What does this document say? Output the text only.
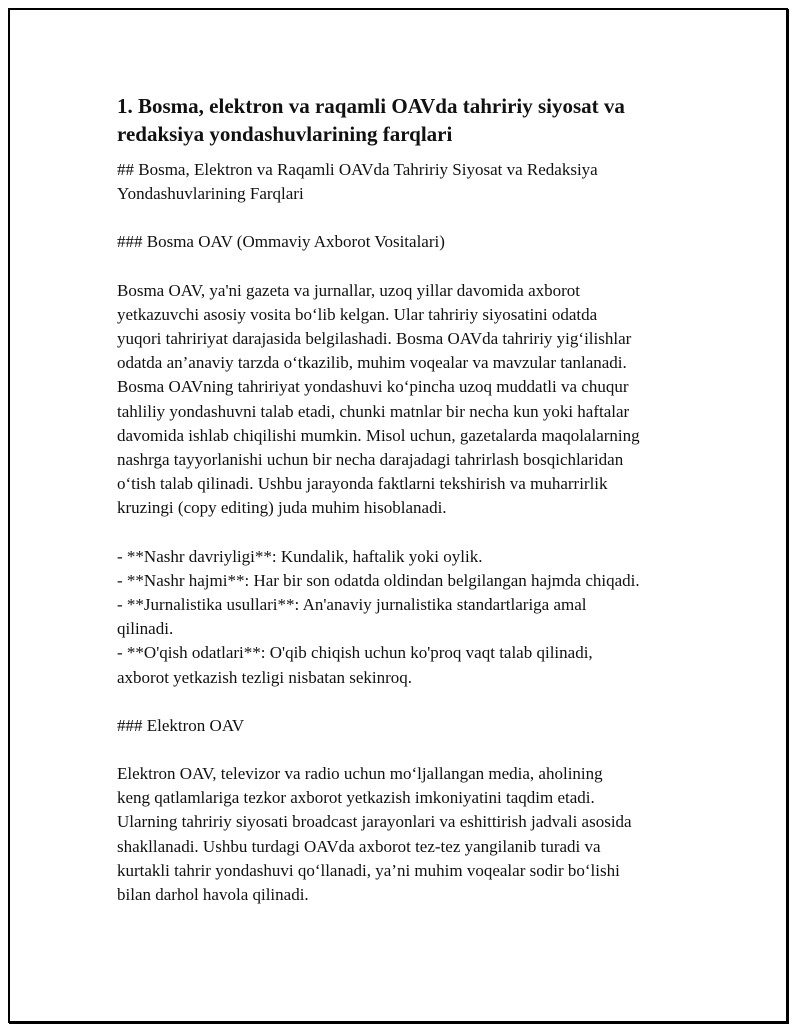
1. Bosma, elektron va raqamli OAVda tahririy siyosat va
redaksiya yondashuvlarining farqlari

## Bosma, Elektron va Raqamli OAVda Tahririy Siyosat va Redaksiya
Yondashuvlarining Farqlari

### Bosma OAV (Ommaviy Axborot Vositalari)

Bosma OAV, ya'ni gazeta va jurnallar, uzoq yillar davomida axborot
yetkazuvchi asosiy vosita bo‘lib kelgan. Ular tahririy siyosatini odatda
yuqori tahririyat darajasida belgilashadi. Bosma OAVda tahririy yig‘ilishlar
odatda an’anaviy tarzda o‘tkazilib, muhim voqealar va mavzular tanlanadi.
Bosma OAVning tahririyat yondashuvi ko‘pincha uzoq muddatli va chuqur
tahliliy yondashuvni talab etadi, chunki matnlar bir necha kun yoki haftalar
davomida ishlab chiqilishi mumkin. Misol uchun, gazetalarda maqolalarning
nashrga tayyorlanishi uchun bir necha darajadagi tahrirlash bosqichlaridan
o‘tish talab qilinadi. Ushbu jarayonda faktlarni tekshirish va muharrirlik
kruzingi (copy editing) juda muhim hisoblanadi.

- **Nashr davriyligi**: Kundalik, haftalik yoki oylik.
- **Nashr hajmi**: Har bir son odatda oldindan belgilangan hajmda chiqadi.
- **Jurnalistika usullari**: An'anaviy jurnalistika standartlariga amal
qilinadi.
- **O'qish odatlari**: O'qib chiqish uchun ko'proq vaqt talab qilinadi,
axborot yetkazish tezligi nisbatan sekinroq.

### Elektron OAV

Elektron OAV, televizor va radio uchun mo‘ljallangan media, aholining
keng qatlamlariga tezkor axborot yetkazish imkoniyatini taqdim etadi.
Ularning tahririy siyosati broadcast jarayonlari va eshittirish jadvali asosida
shakllanadi. Ushbu turdagi OAVda axborot tez-tez yangilanib turadi va
kurtakli tahrir yondashuvi qo‘llanadi, ya’ni muhim voqealar sodir bo‘lishi
bilan darhol havola qilinadi.
